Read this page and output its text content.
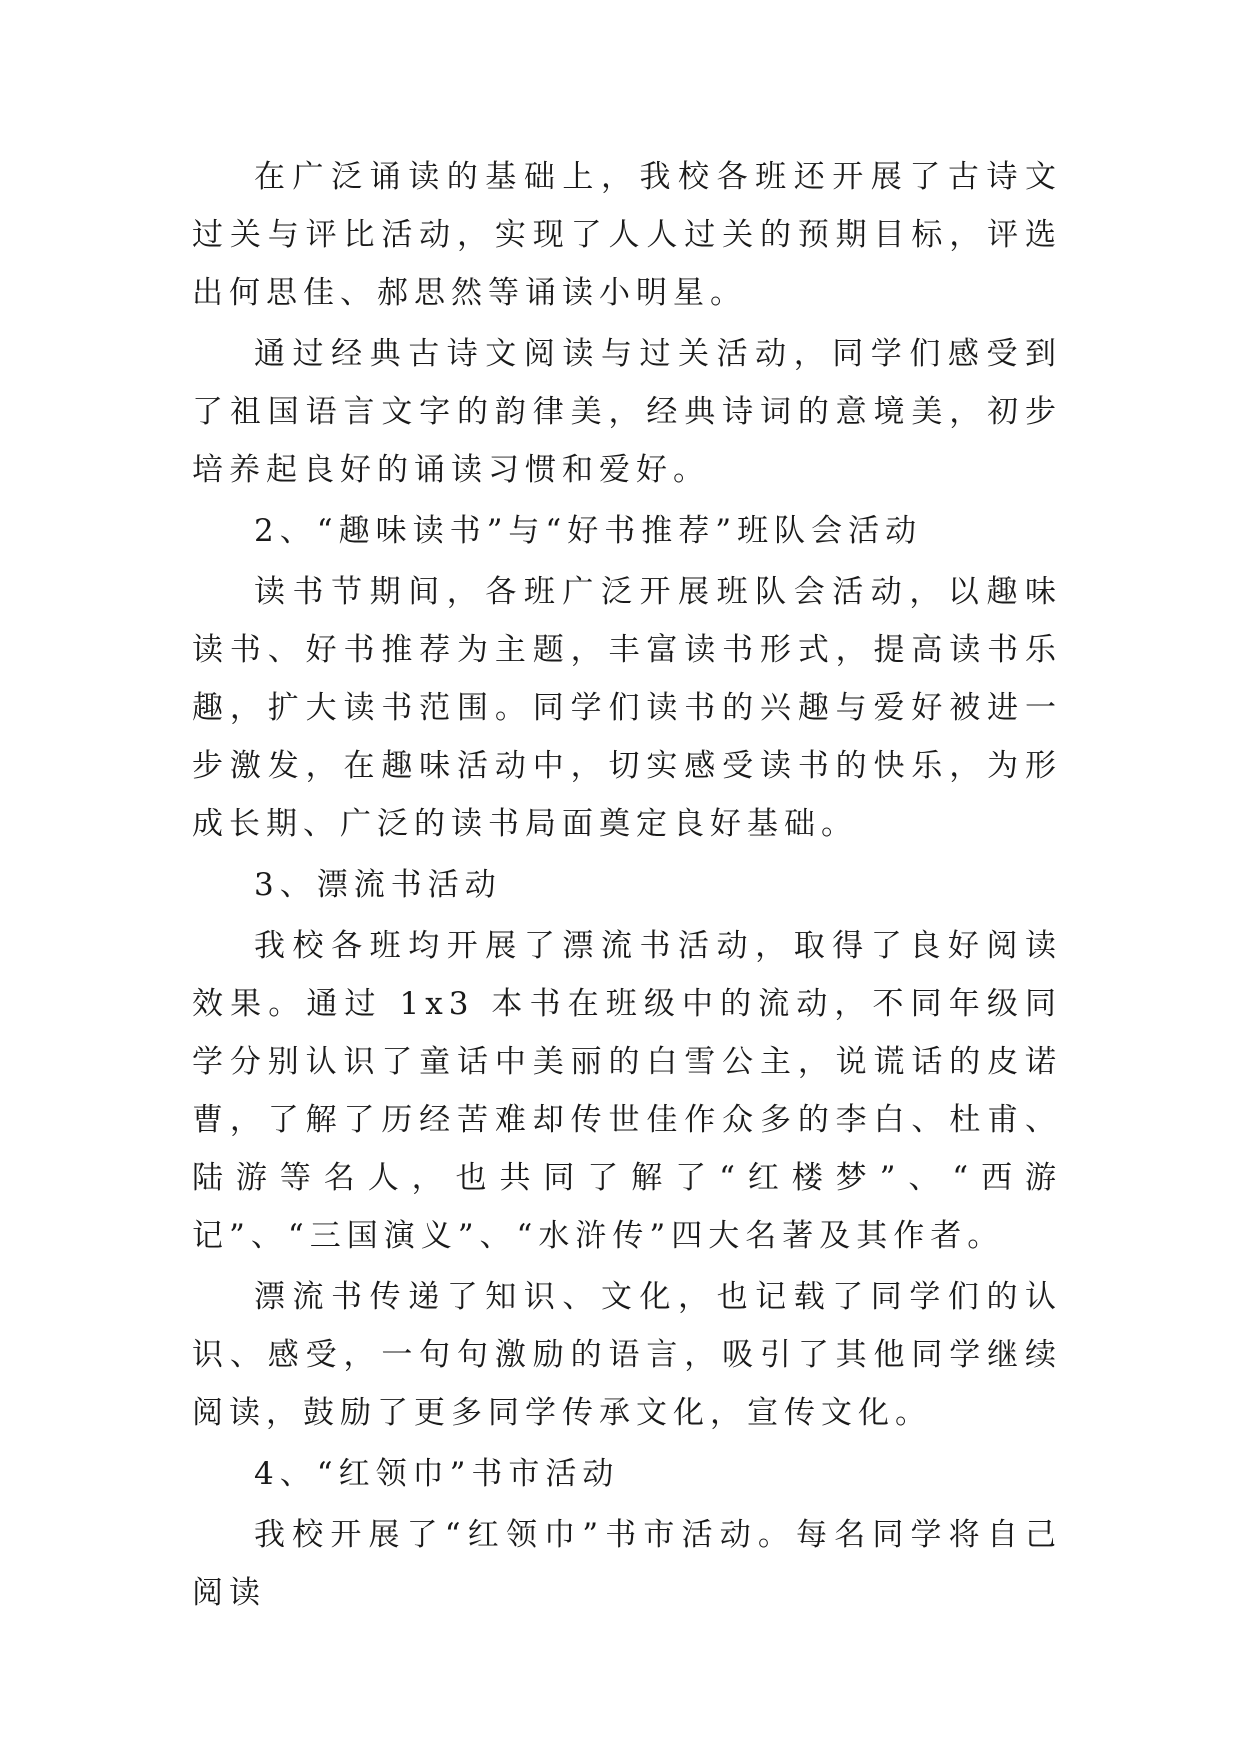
在广泛诵读的基础上，我校各班还开展了古诗文过关与评比活动，实现了人人过关的预期目标，评选出何思佳、郝思然等诵读小明星。

通过经典古诗文阅读与过关活动，同学们感受到了祖国语言文字的韵律美，经典诗词的意境美，初步培养起良好的诵读习惯和爱好。

2、“趣味读书”与“好书推荐”班队会活动

读书节期间，各班广泛开展班队会活动，以趣味读书、好书推荐为主题，丰富读书形式，提高读书乐趣，扩大读书范围。同学们读书的兴趣与爱好被进一步激发，在趣味活动中，切实感受读书的快乐，为形成长期、广泛的读书局面奠定良好基础。

3、漂流书活动

我校各班均开展了漂流书活动，取得了良好阅读效果。通过 1x3 本书在班级中的流动，不同年级同学分别认识了童话中美丽的白雪公主，说谎话的皮诺曹，了解了历经苦难却传世佳作众多的李白、杜甫、陆游等名人，也共同了解了“红楼梦”、“西游记”、“三国演义”、“水浒传”四大名著及其作者。

漂流书传递了知识、文化，也记载了同学们的认识、感受，一句句激励的语言，吸引了其他同学继续阅读，鼓励了更多同学传承文化，宣传文化。

4、“红领巾”书市活动

我校开展了“红领巾”书市活动。每名同学将自己阅读
